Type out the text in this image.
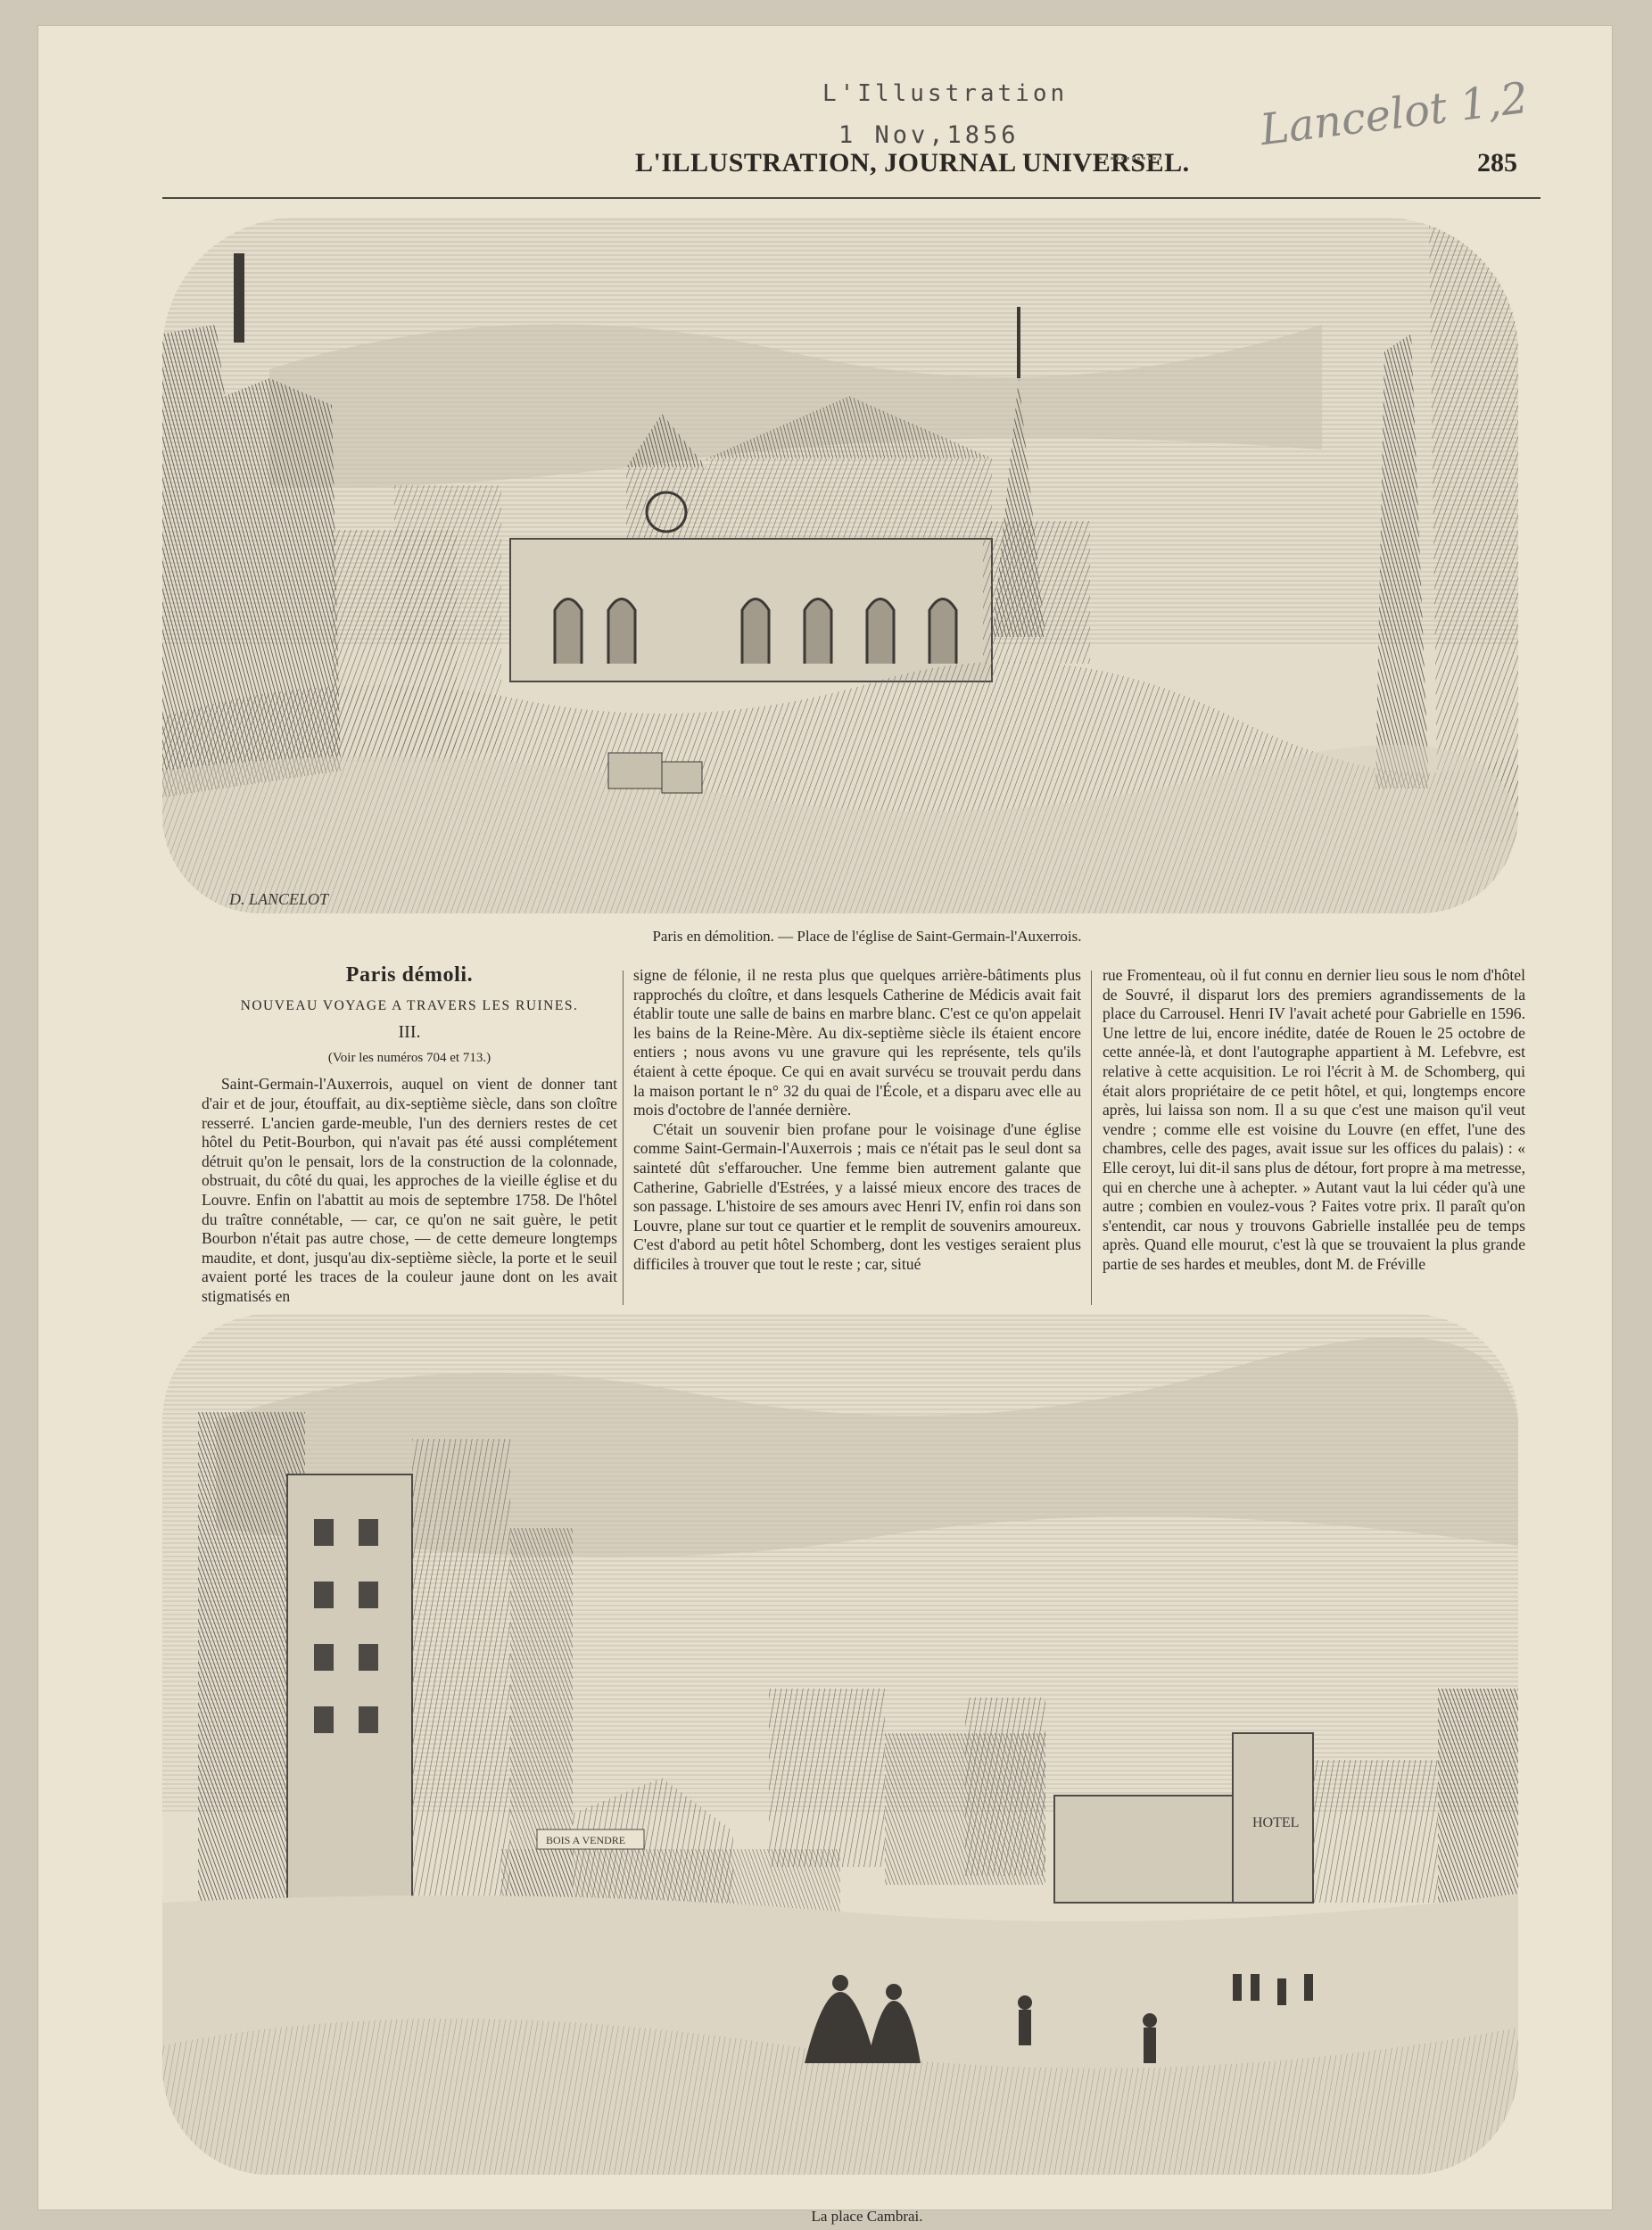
L'Illustration
1 Nov,1856	Lancelot 1,2
L'ILLUSTRATION, JOURNAL UNIVERSEL.	285
D. LANCELOT
Paris en démolition. — Place de l'église de Saint-Germain-l'Auxerrois.
Paris démoli.
NOUVEAU VOYAGE A TRAVERS LES RUINES.
III.
(Voir les numéros 704 et 713.)

Saint-Germain-l'Auxerrois, auquel on vient de donner tant d'air et de jour, étouffait, au dix-septième siècle, dans son cloître resserré. L'ancien garde-meuble, l'un des derniers restes de cet hôtel du Petit-Bourbon, qui n'avait pas été aussi complétement détruit qu'on le pensait, lors de la construction de la colonnade, obstruait, du côté du quai, les approches de la vieille église et du Louvre. Enfin on l'abattit au mois de septembre 1758. De l'hôtel du traître connétable, — car, ce qu'on ne sait guère, le petit Bourbon n'était pas autre chose, — de cette demeure longtemps maudite, et dont, jusqu'au dix-septième siècle, la porte et le seuil avaient porté les traces de la couleur jaune dont on les avait stigmatisés en

signe de félonie, il ne resta plus que quelques arrière-bâtiments plus rapprochés du cloître, et dans lesquels Catherine de Médicis avait fait établir toute une salle de bains en marbre blanc. C'est ce qu'on appelait les bains de la Reine-Mère. Au dix-septième siècle ils étaient encore entiers ; nous avons vu une gravure qui les représente, tels qu'ils étaient à cette époque. Ce qui en avait survécu se trouvait perdu dans la maison portant le n° 32 du quai de l'École, et a disparu avec elle au mois d'octobre de l'année dernière.

C'était un souvenir bien profane pour le voisinage d'une église comme Saint-Germain-l'Auxerrois ; mais ce n'était pas le seul dont sa sainteté dût s'effaroucher. Une femme bien autrement galante que Catherine, Gabrielle d'Estrées, y a laissé mieux encore des traces de son passage. L'histoire de ses amours avec Henri IV, enfin roi dans son Louvre, plane sur tout ce quartier et le remplit de souvenirs amoureux. C'est d'abord au petit hôtel Schomberg, dont les vestiges seraient plus difficiles à trouver que tout le reste ; car, situé

rue Fromenteau, où il fut connu en dernier lieu sous le nom d'hôtel de Souvré, il disparut lors des premiers agrandissements de la place du Carrousel. Henri IV l'avait acheté pour Gabrielle en 1596. Une lettre de lui, encore inédite, datée de Rouen le 25 octobre de cette année-là, et dont l'autographe appartient à M. Lefebvre, est relative à cette acquisition. Le roi l'écrit à M. de Schomberg, qui était alors propriétaire de ce petit hôtel, et qui, longtemps encore après, lui laissa son nom. Il a su que c'est une maison qu'il veut vendre ; comme elle est voisine du Louvre (en effet, l'une des chambres, celle des pages, avait issue sur les offices du palais) : « Elle ceroyt, lui dit-il sans plus de détour, fort propre à ma metresse, qui en cherche une à achepter. » Autant vaut la lui céder qu'à une autre ; combien en voulez-vous ? Faites votre prix. Il paraît qu'on s'entendit, car nous y trouvons Gabrielle installée peu de temps après. Quand elle mourut, c'est là que se trouvaient la plus grande partie de ses hardes et meubles, dont M. de Fréville

HOTEL
BOIS A VENDRE
La place Cambrai.
